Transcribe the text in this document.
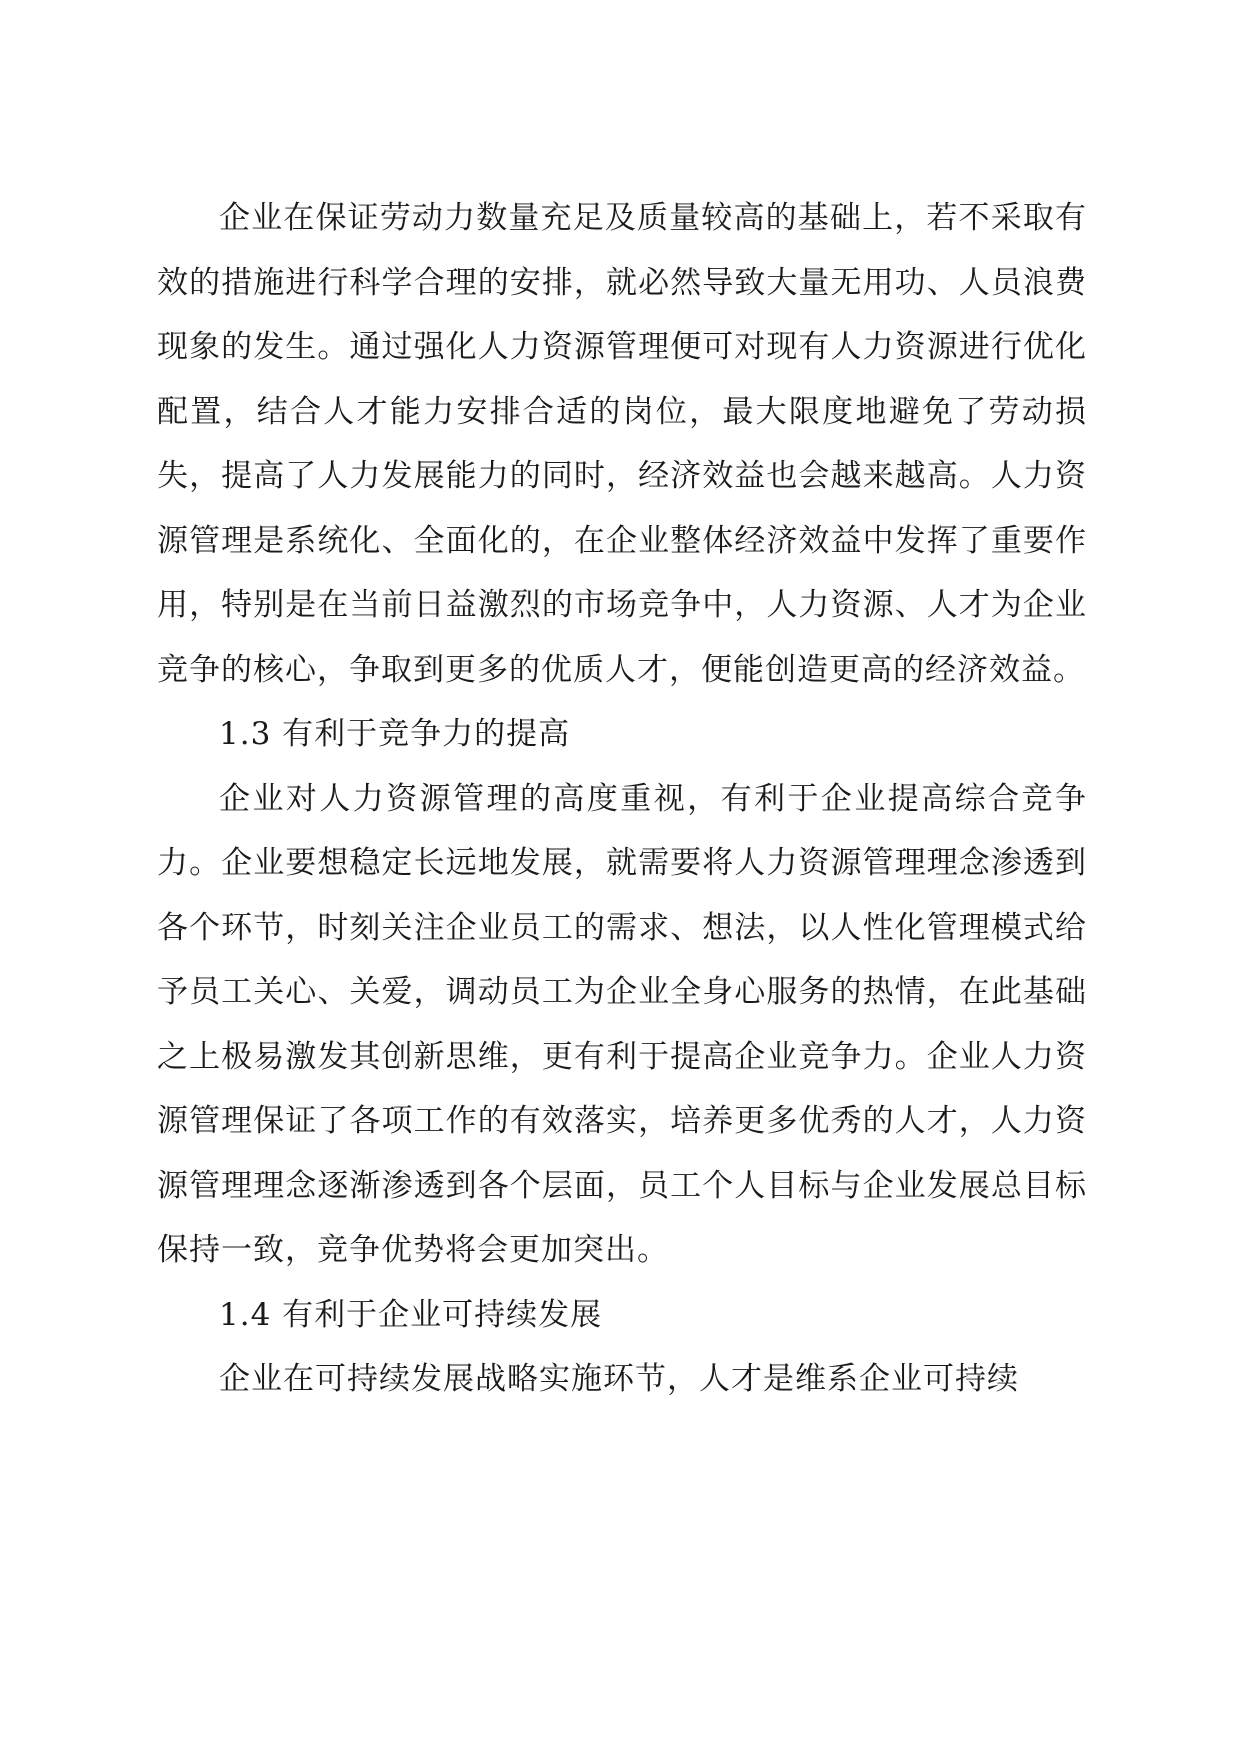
企业在保证劳动力数量充足及质量较高的基础上，若不采取有效的措施进行科学合理的安排，就必然导致大量无用功、人员浪费现象的发生。通过强化人力资源管理便可对现有人力资源进行优化配置，结合人才能力安排合适的岗位，最大限度地避免了劳动损失，提高了人力发展能力的同时，经济效益也会越来越高。人力资源管理是系统化、全面化的，在企业整体经济效益中发挥了重要作用，特别是在当前日益激烈的市场竞争中，人力资源、人才为企业竞争的核心，争取到更多的优质人才，便能创造更高的经济效益。

1.3 有利于竞争力的提高

企业对人力资源管理的高度重视，有利于企业提高综合竞争力。企业要想稳定长远地发展，就需要将人力资源管理理念渗透到各个环节，时刻关注企业员工的需求、想法，以人性化管理模式给予员工关心、关爱，调动员工为企业全身心服务的热情，在此基础之上极易激发其创新思维，更有利于提高企业竞争力。企业人力资源管理保证了各项工作的有效落实，培养更多优秀的人才，人力资源管理理念逐渐渗透到各个层面，员工个人目标与企业发展总目标保持一致，竞争优势将会更加突出。

1.4 有利于企业可持续发展

企业在可持续发展战略实施环节，人才是维系企业可持续
